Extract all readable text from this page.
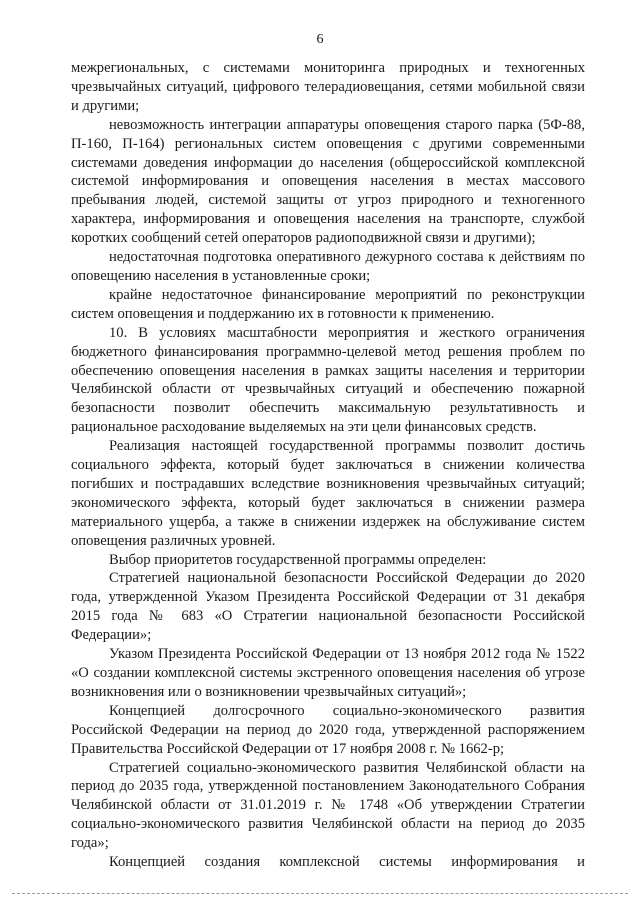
6

межрегиональных, с системами мониторинга природных и техногенных чрезвычайных ситуаций, цифрового телерадиовещания, сетями мобильной связи и другими;

невозможность интеграции аппаратуры оповещения старого парка (5Ф-88, П-160, П-164) региональных систем оповещения с другими современными системами доведения информации до населения (общероссийской комплексной системой информирования и оповещения населения в местах массового пребывания людей, системой защиты от угроз природного и техногенного характера, информирования и оповещения населения на транспорте, службой коротких сообщений сетей операторов радиоподвижной связи и другими);

недостаточная подготовка оперативного дежурного состава к действиям по оповещению населения в установленные сроки;

крайне недостаточное финансирование мероприятий по реконструкции систем оповещения и поддержанию их в готовности к применению.

10. В условиях масштабности мероприятия и жесткого ограничения бюджетного финансирования программно-целевой метод решения проблем по обеспечению оповещения населения в рамках защиты населения и территории Челябинской области от чрезвычайных ситуаций и обеспечению пожарной безопасности позволит обеспечить максимальную результативность и рациональное расходование выделяемых на эти цели финансовых средств.

Реализация настоящей государственной программы позволит достичь социального эффекта, который будет заключаться в снижении количества погибших и пострадавших вследствие возникновения чрезвычайных ситуаций; экономического эффекта, который будет заключаться в снижении размера материального ущерба, а также в снижении издержек на обслуживание систем оповещения различных уровней.

Выбор приоритетов государственной программы определен:

Стратегией национальной безопасности Российской Федерации до 2020 года, утвержденной Указом Президента Российской Федерации от 31 декабря 2015 года № 683 «О Стратегии национальной безопасности Российской Федерации»;

Указом Президента Российской Федерации от 13 ноября 2012 года № 1522 «О создании комплексной системы экстренного оповещения населения об угрозе возникновения или о возникновении чрезвычайных ситуаций»;

Концепцией долгосрочного социально-экономического развития Российской Федерации на период до 2020 года, утвержденной распоряжением Правительства Российской Федерации от 17 ноября 2008 г. № 1662-р;

Стратегией социально-экономического развития Челябинской области на период до 2035 года, утвержденной постановлением Законодательного Собрания Челябинской области от 31.01.2019 г. № 1748 «Об утверждении Стратегии социально-экономического развития Челябинской области на период до 2035 года»;

Концепцией создания комплексной системы информирования и
